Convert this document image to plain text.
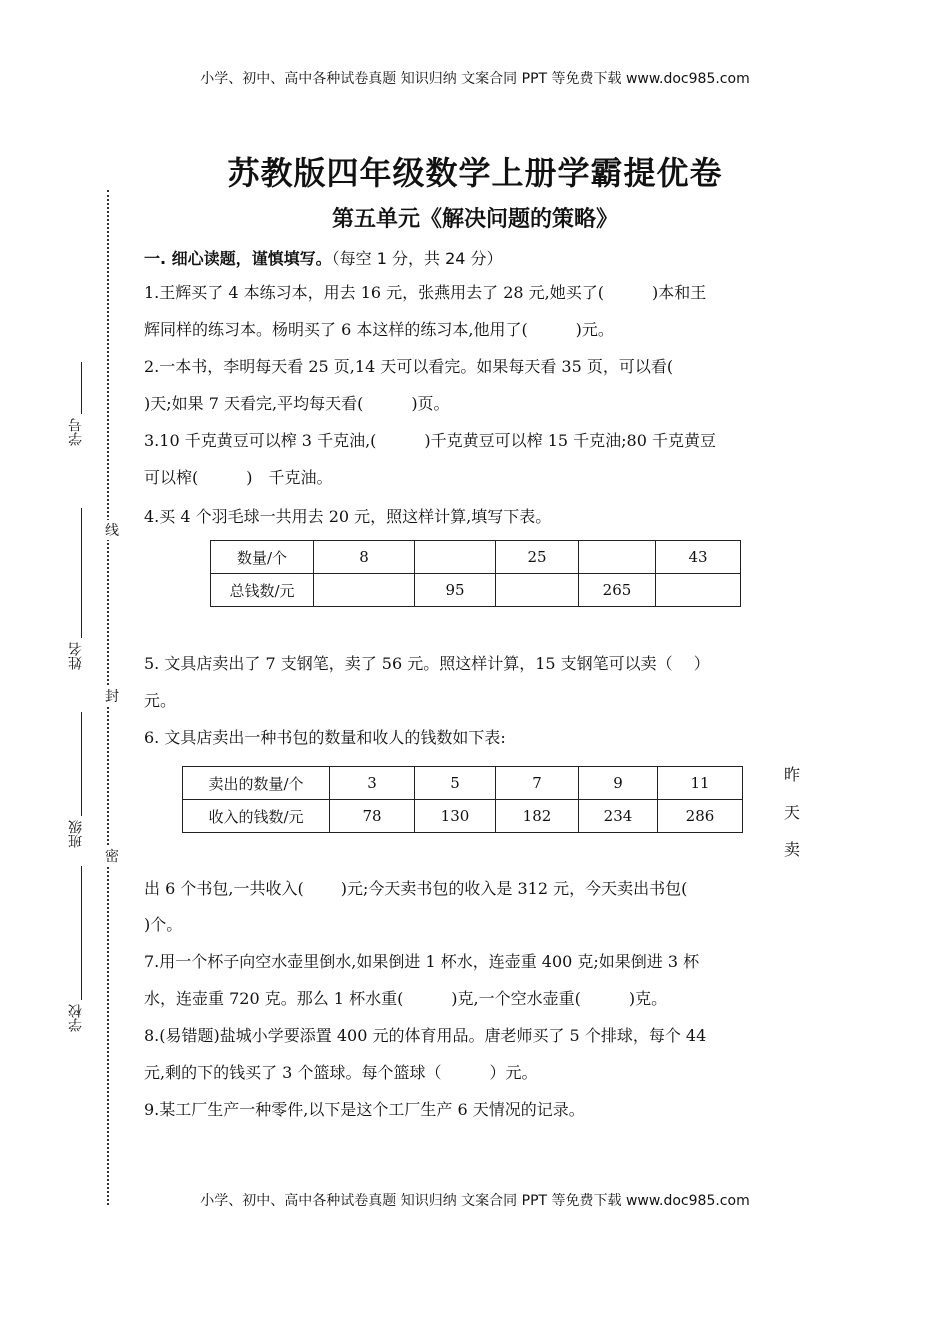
小学、初中、高中各种试卷真题 知识归纳 文案合同 PPT 等免费下载 www.doc985.com
苏教版四年级数学上册学霸提优卷
第五单元《解决问题的策略》
一. 细心读题，谨慎填写。（每空 1 分，共 24 分）
学号
姓名
班级
学校
线
封
密
1.王辉买了 4 本练习本，用去 16 元，张燕用去了 28 元,她买了(　　　)本和王
辉同样的练习本。杨明买了 6 本这样的练习本,他用了(　　　)元。
2.一本书，李明每天看 25 页,14 天可以看完。如果每天看 35 页，可以看(
)天;如果 7 天看完,平均每天看(　　　)页。
3.10 千克黄豆可以榨 3 千克油,(　　　)千克黄豆可以榨 15 千克油;80 千克黄豆
可以榨(　　　)　千克油。
4.买 4 个羽毛球一共用去 20 元，照这样计算,填写下表。
数量/个	8		25		43
总钱数/元		95		265	
5. 文具店卖出了 7 支钢笔，卖了 56 元。照这样计算，15 支钢笔可以卖（　 ）
元。
6. 文具店卖出一种书包的数量和收人的钱数如下表:
卖出的数量/个	3	5	7	9	11
收入的钱数/元	78	130	182	234	286
昨
天
卖
出 6 个书包,一共收入(　　 )元;今天卖书包的收入是 312 元，今天卖出书包(
)个。
7.用一个杯子向空水壶里倒水,如果倒进 1 杯水，连壶重 400 克;如果倒进 3 杯
水，连壶重 720 克。那么 1 杯水重(　　　)克,一个空水壶重(　　　)克。
8.(易错题)盐城小学要添置 400 元的体育用品。唐老师买了 5 个排球，每个 44
元,剩的下的钱买了 3 个篮球。每个篮球（　　　）元。
9.某工厂生产一种零件,以下是这个工厂生产 6 天情况的记录。
小学、初中、高中各种试卷真题 知识归纳 文案合同 PPT 等免费下载 www.doc985.com
